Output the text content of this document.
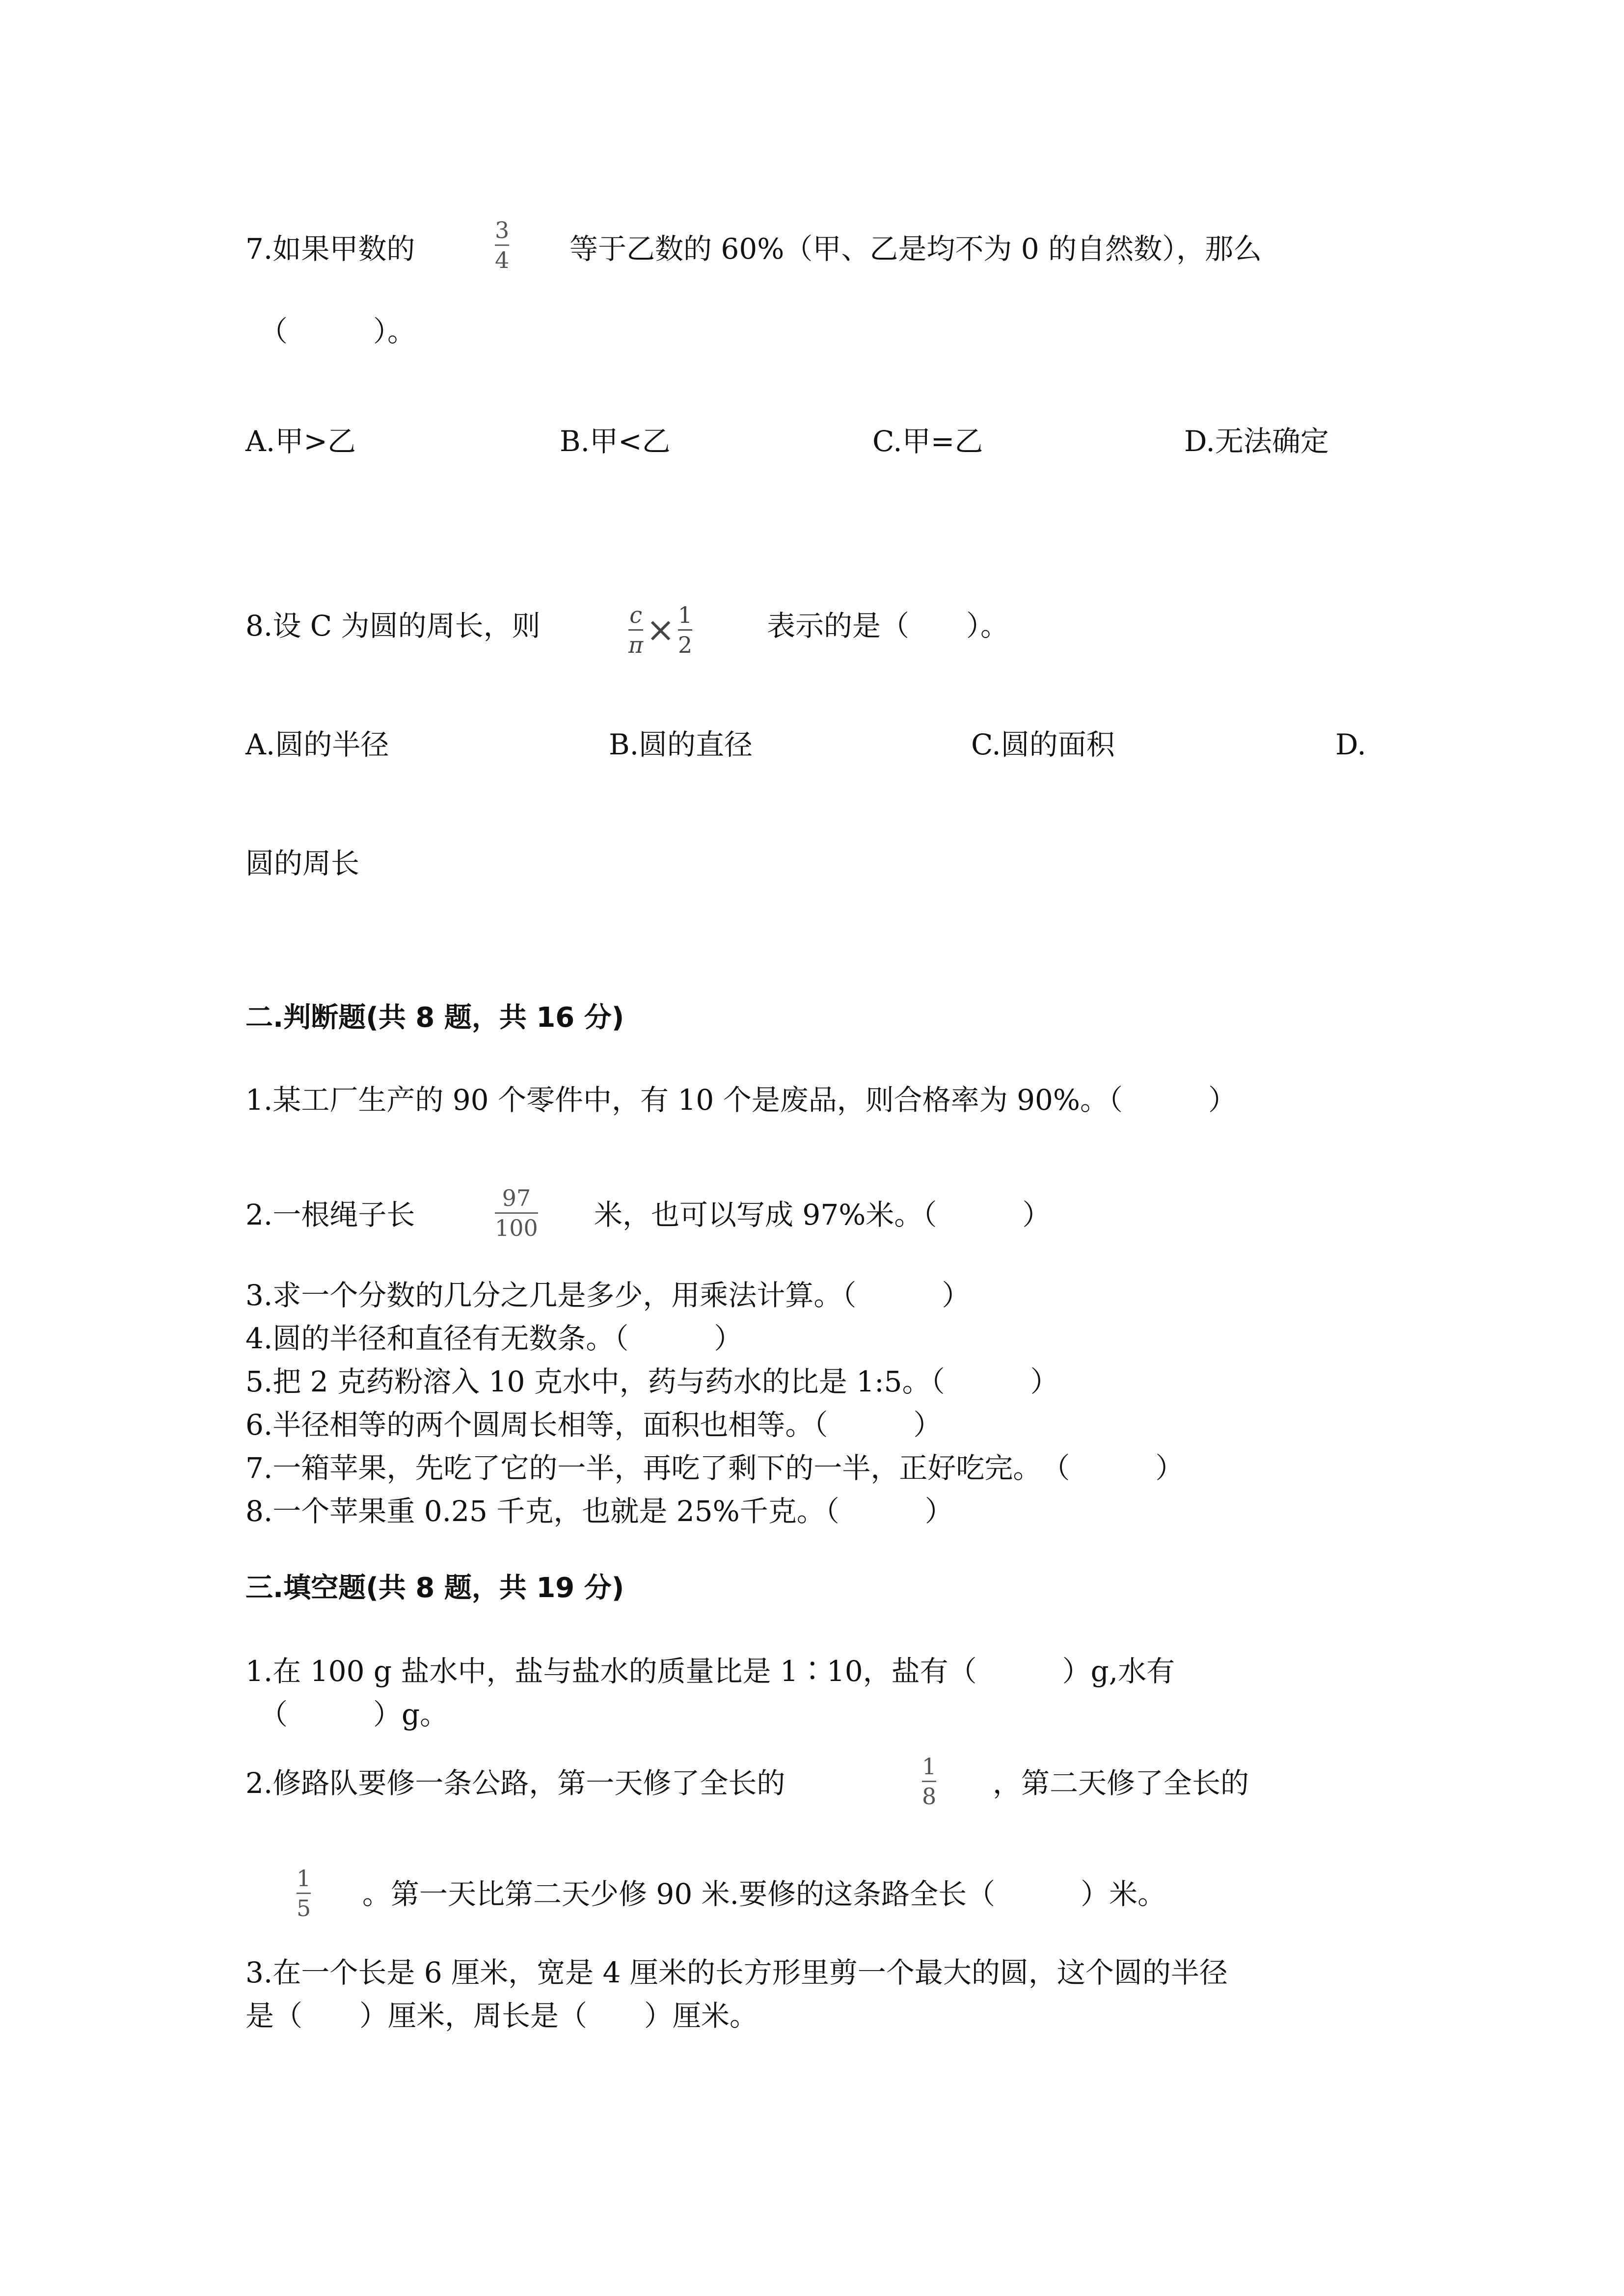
7.如果甲数的
3
4 等于乙数的 60%（甲、乙是均不为 0 的自然数），那么
（　　　）。
A.甲>乙	B.甲<乙	C.甲=乙	D.无法确定
8.设 C 为圆的周长，则	c
π × 1
2
表示的是（　　）。
A.圆的半径	B.圆的直径	C.圆的面积	D.
圆的周长
二.判断题(共 8 题，共 16 分)
1.某工厂生产的 90 个零件中，有 10 个是废品，则合格率为 90%。（　　　）
2.一根绳子长	97
100 米，也可以写成 97%米。（　　　）
3.求一个分数的几分之几是多少，用乘法计算。（　　　）
4.圆的半径和直径有无数条。（　　　）
5.把 2 克药粉溶入 10 克水中，药与药水的比是 1:5。（　　　）
6.半径相等的两个圆周长相等，面积也相等。（　　　）
7.一箱苹果，先吃了它的一半，再吃了剩下的一半，正好吃完。　（　　　）
8.一个苹果重 0.25 千克，也就是 25%千克。（　　　）
三.填空题(共 8 题，共 19 分)
1.在 100 g 盐水中，盐与盐水的质量比是 1∶10，盐有（　　　）g,水有
（　　　）g。
2.修路队要修一条公路，第一天修了全长的	1
8 ，第二天修了全长的
1
5 。第一天比第二天少修 90 米.要修的这条路全长（　　　）米。
3.在一个长是 6 厘米，宽是 4 厘米的长方形里剪一个最大的圆，这个圆的半径
是（　　）厘米，周长是（　　）厘米。
